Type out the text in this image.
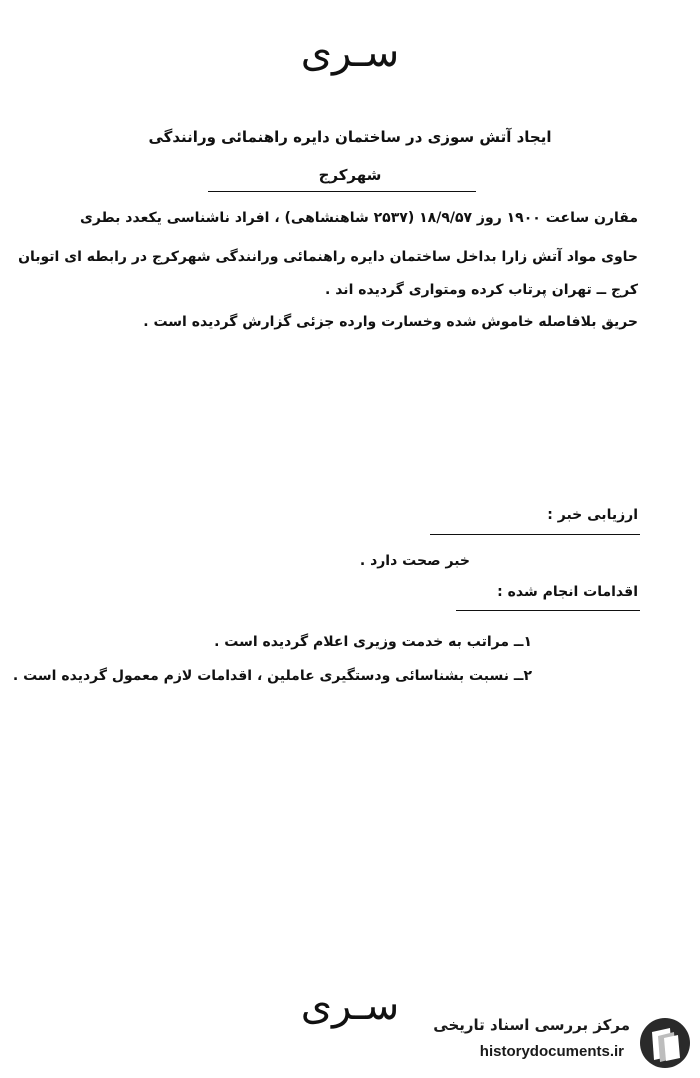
سـری
ایجاد آتش سوزی در ساختمان دایره راهنمائی ورانندگی
شهرکرج
مقارن ساعت ۱۹۰۰ روز ۱۸/۹/۵۷ (۲۵۳۷ شاهنشاهی) ، افراد ناشناسی یکعدد بطری
حاوی مواد آتش زارا بداخل ساختمان دایره راهنمائی ورانندگی شهرکرج در رابطه ای اتوبان
کرج ــ تهران پرتاب کرده ومتواری گردیده اند .
حریق بلافاصله خاموش شده وخسارت وارده جزئی گزارش گردیده است .
ارزیابی خبر :
خبر صحت دارد .
اقدامات انجام شده :
۱ــ مراتب به خدمت وزیری اعلام گردیده است .
۲ــ نسبت بشناسائی ودستگیری عاملین ، اقدامات لازم معمول گردیده است .
سـری	مرکز بررسی اسناد تاریخی
historydocuments.ir
